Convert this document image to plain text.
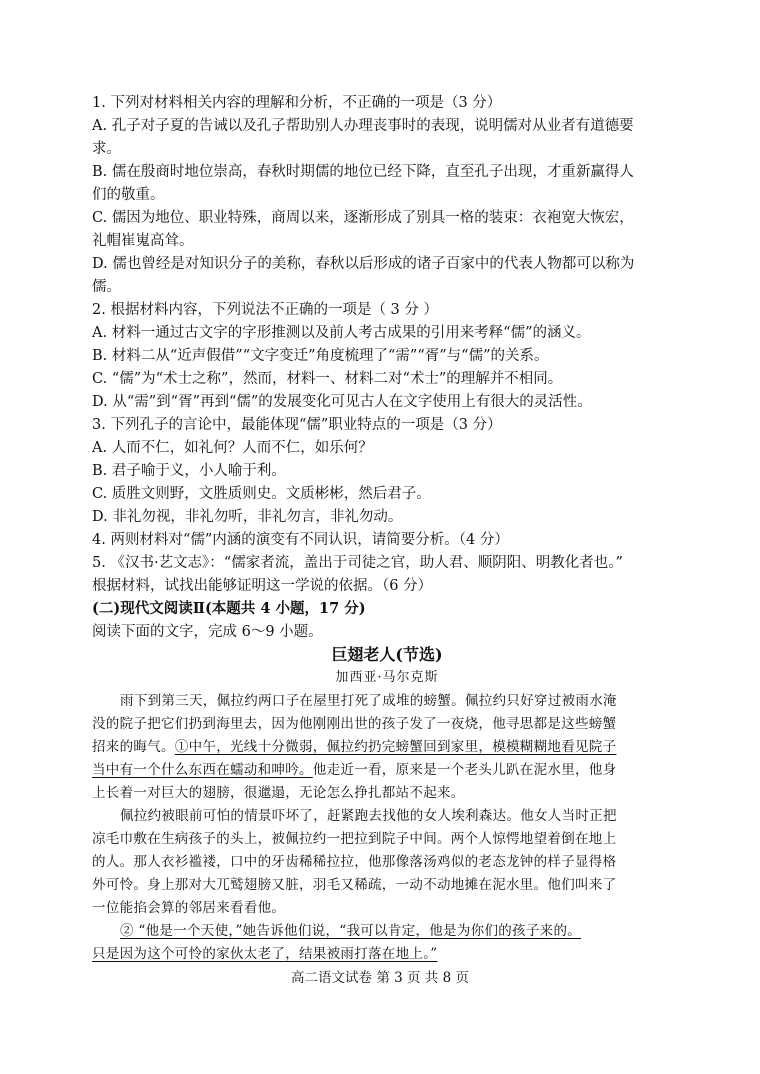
1. 下列对材料相关内容的理解和分析，不正确的一项是（3 分）
A. 孔子对子夏的告诫以及孔子帮助别人办理丧事时的表现，说明儒对从业者有道德要
求。
B. 儒在殷商时地位崇高，春秋时期儒的地位已经下降，直至孔子出现，才重新赢得人
们的敬重。
C. 儒因为地位、职业特殊，商周以来，逐渐形成了别具一格的装束：衣袍宽大恢宏，
礼帽崔嵬高耸。
D. 儒也曾经是对知识分子的美称，春秋以后形成的诸子百家中的代表人物都可以称为
儒。
2. 根据材料内容，下列说法不正确的一项是（ 3 分 ）
A. 材料一通过古文字的字形推测以及前人考古成果的引用来考释“儒”的涵义。
B. 材料二从“近声假借”“文字变迁”角度梳理了“需”“胥”与“儒”的关系。
C. “儒”为“术士之称”，然而，材料一、材料二对“术士”的理解并不相同。
D. 从“需”到“胥”再到“儒”的发展变化可见古人在文字使用上有很大的灵活性。
3. 下列孔子的言论中，最能体现“儒”职业特点的一项是（3 分）
A. 人而不仁，如礼何？人而不仁，如乐何？
B. 君子喻于义，小人喻于利。
C. 质胜文则野，文胜质则史。文质彬彬，然后君子。
D. 非礼勿视，非礼勿听，非礼勿言，非礼勿动。
4. 两则材料对“儒”内涵的演变有不同认识，请简要分析。（4 分）
5. 《汉书·艺文志》：“儒家者流，盖出于司徒之官，助人君、顺阴阳、明教化者也。”
根据材料，试找出能够证明这一学说的依据。（6 分）
(二)现代文阅读Ⅱ(本题共 4 小题，17 分)
阅读下面的文字，完成 6～9 小题。
巨翅老人(节选)
加西亚·马尔克斯
雨下到第三天，佩拉约两口子在屋里打死了成堆的螃蟹。佩拉约只好穿过被雨水淹
没的院子把它们扔到海里去，因为他刚刚出世的孩子发了一夜烧，他寻思都是这些螃蟹
招来的晦气。①中午，光线十分微弱，佩拉约扔完螃蟹回到家里，模模糊糊地看见院子
当中有一个什么东西在蠕动和呻吟。他走近一看，原来是一个老头儿趴在泥水里，他身
上长着一对巨大的翅膀，很邋遢，无论怎么挣扎都站不起来。
佩拉约被眼前可怕的情景吓坏了，赶紧跑去找他的女人埃利森达。他女人当时正把
凉毛巾敷在生病孩子的头上，被佩拉约一把拉到院子中间。两个人惊愕地望着倒在地上
的人。那人衣衫褴褛，口中的牙齿稀稀拉拉，他那像落汤鸡似的老态龙钟的样子显得格
外可怜。身上那对大兀鹫翅膀又脏，羽毛又稀疏，一动不动地摊在泥水里。他们叫来了
一位能掐会算的邻居来看看他。
② “他是一个天使，”她告诉他们说，“我可以肯定，他是为你们的孩子来的。
只是因为这个可怜的家伙太老了，结果被雨打落在地上。”
高二语文试卷 第 3 页 共 8 页
